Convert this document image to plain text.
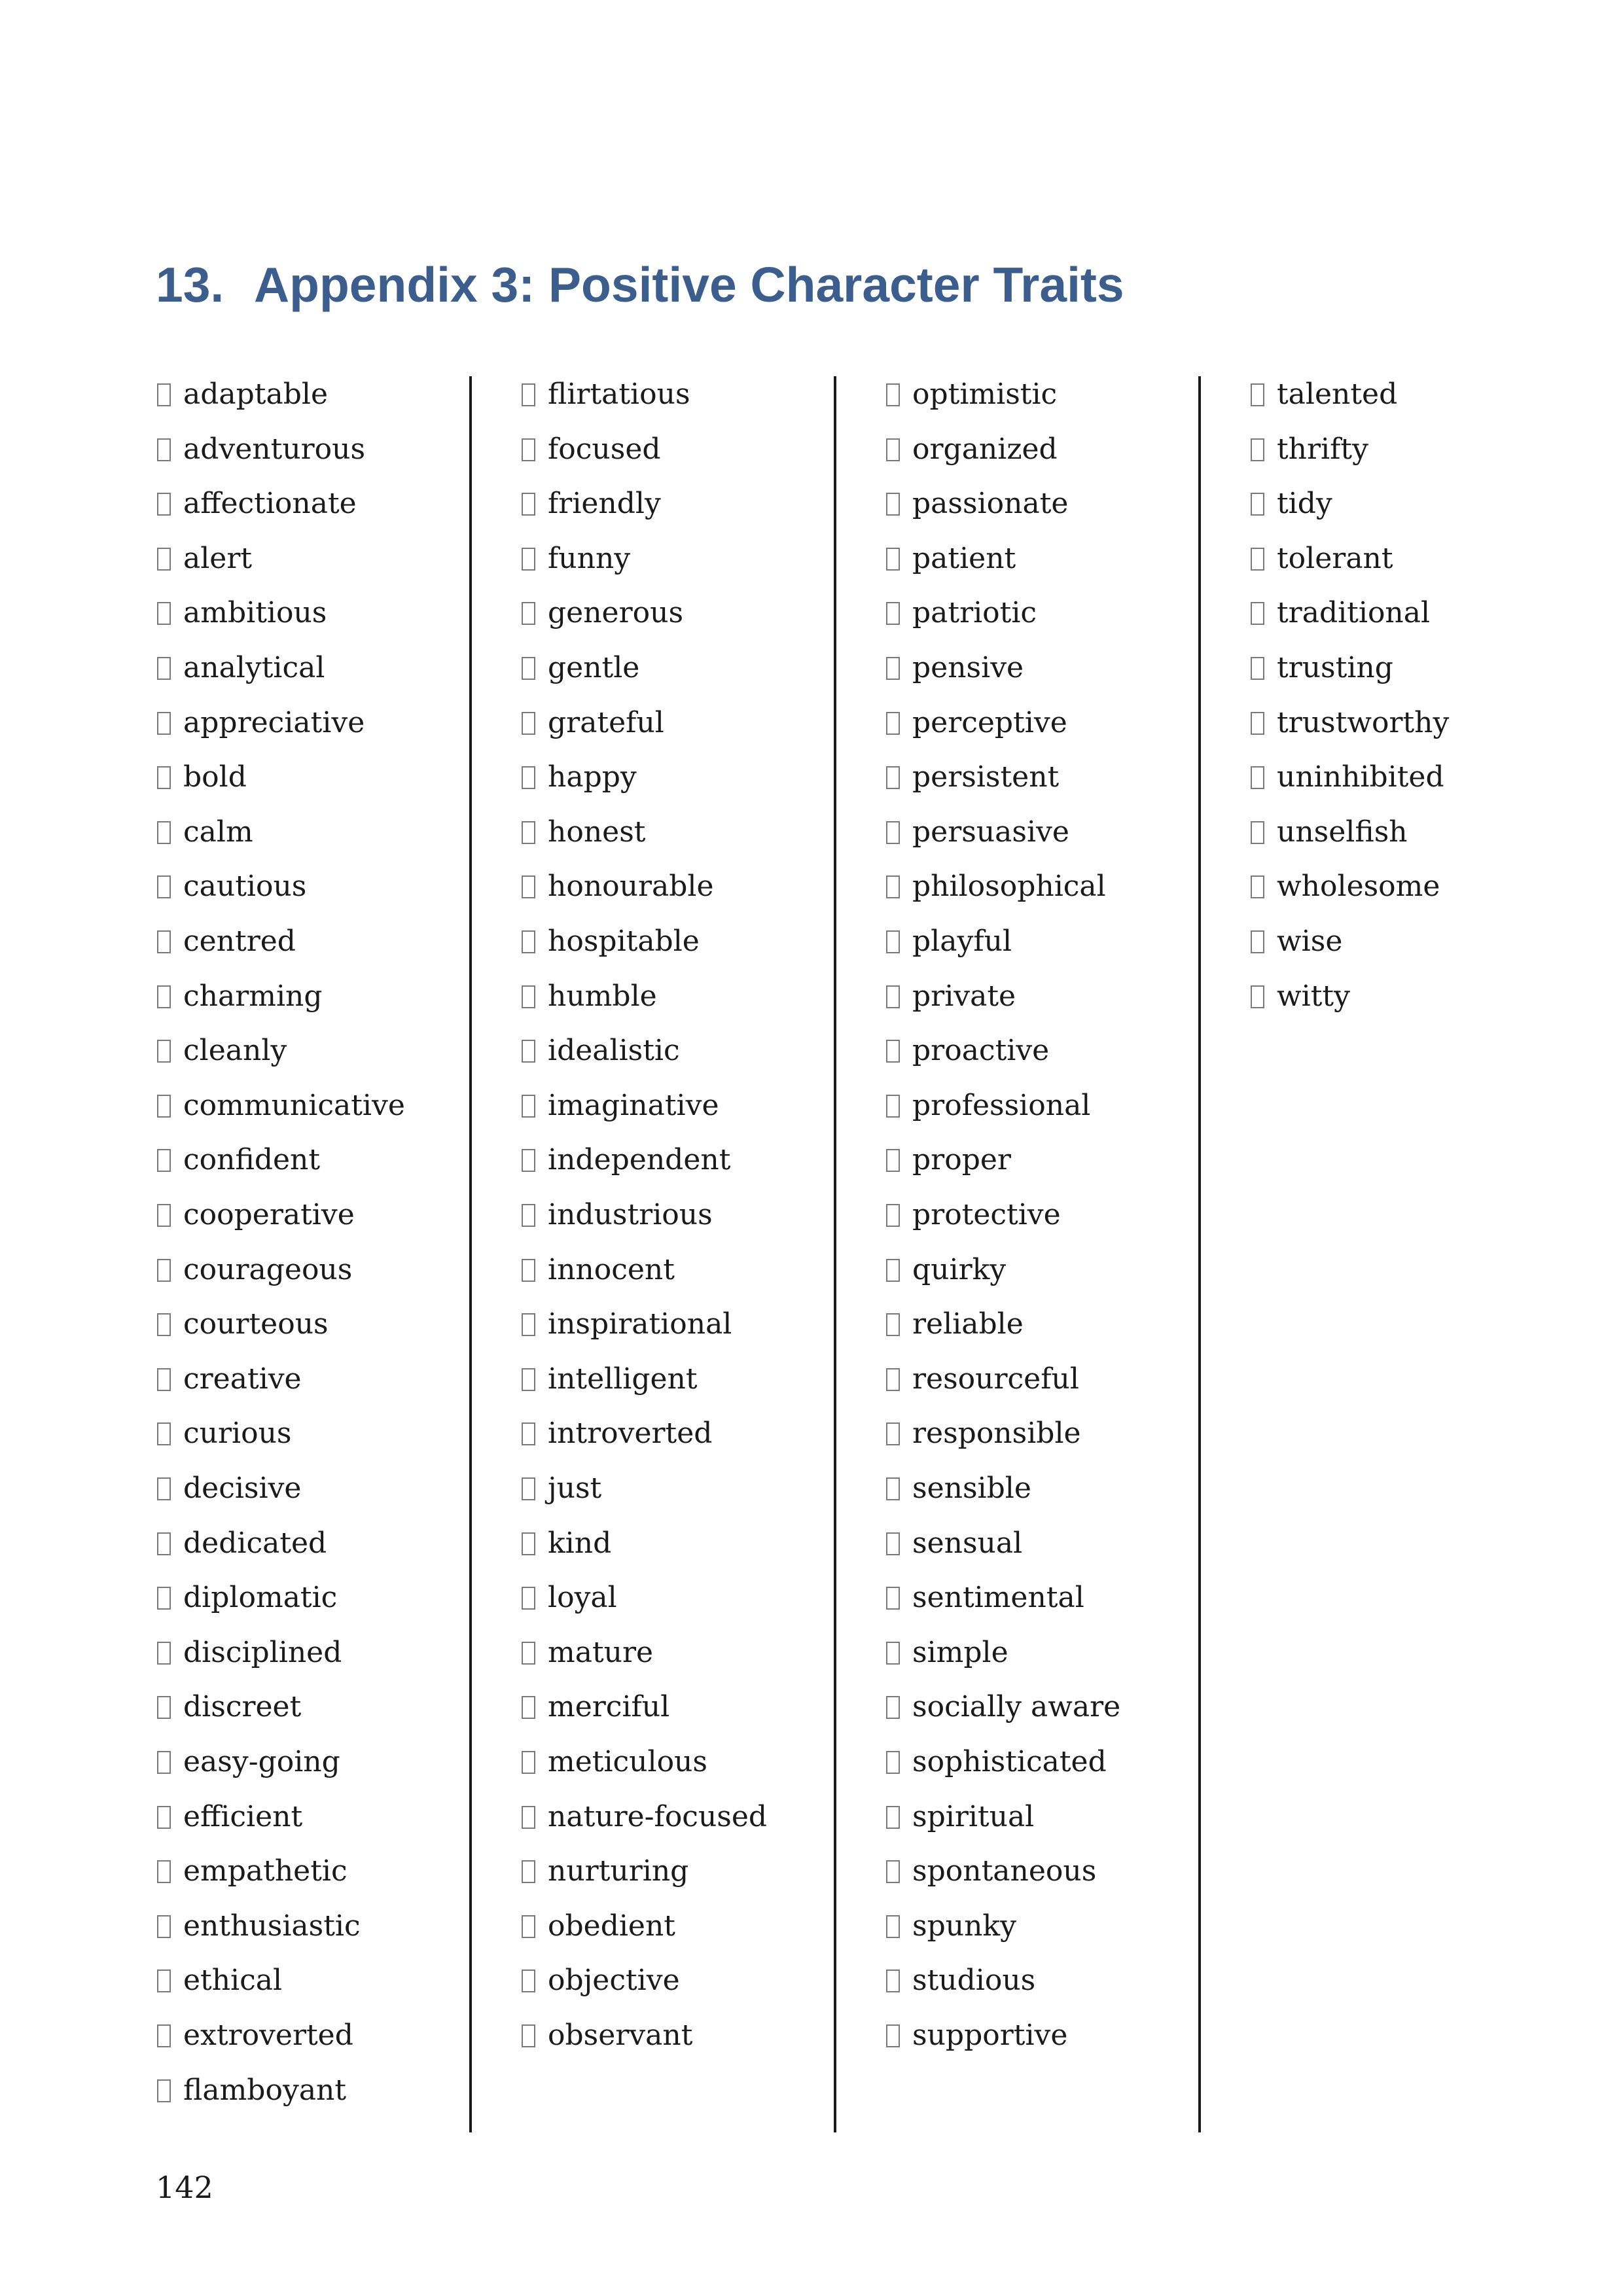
13. Appendix 3: Positive Character Traits
adaptable
adventurous
affectionate
alert
ambitious
analytical
appreciative
bold
calm
cautious
centred
charming
cleanly
communicative
confident
cooperative
courageous
courteous
creative
curious
decisive
dedicated
diplomatic
disciplined
discreet
easy-going
efficient
empathetic
enthusiastic
ethical
extroverted
flamboyant
flirtatious
focused
friendly
funny
generous
gentle
grateful
happy
honest
honourable
hospitable
humble
idealistic
imaginative
independent
industrious
innocent
inspirational
intelligent
introverted
just
kind
loyal
mature
merciful
meticulous
nature-focused
nurturing
obedient
objective
observant
optimistic
organized
passionate
patient
patriotic
pensive
perceptive
persistent
persuasive
philosophical
playful
private
proactive
professional
proper
protective
quirky
reliable
resourceful
responsible
sensible
sensual
sentimental
simple
socially aware
sophisticated
spiritual
spontaneous
spunky
studious
supportive
talented
thrifty
tidy
tolerant
traditional
trusting
trustworthy
uninhibited
unselfish
wholesome
wise
witty
142
